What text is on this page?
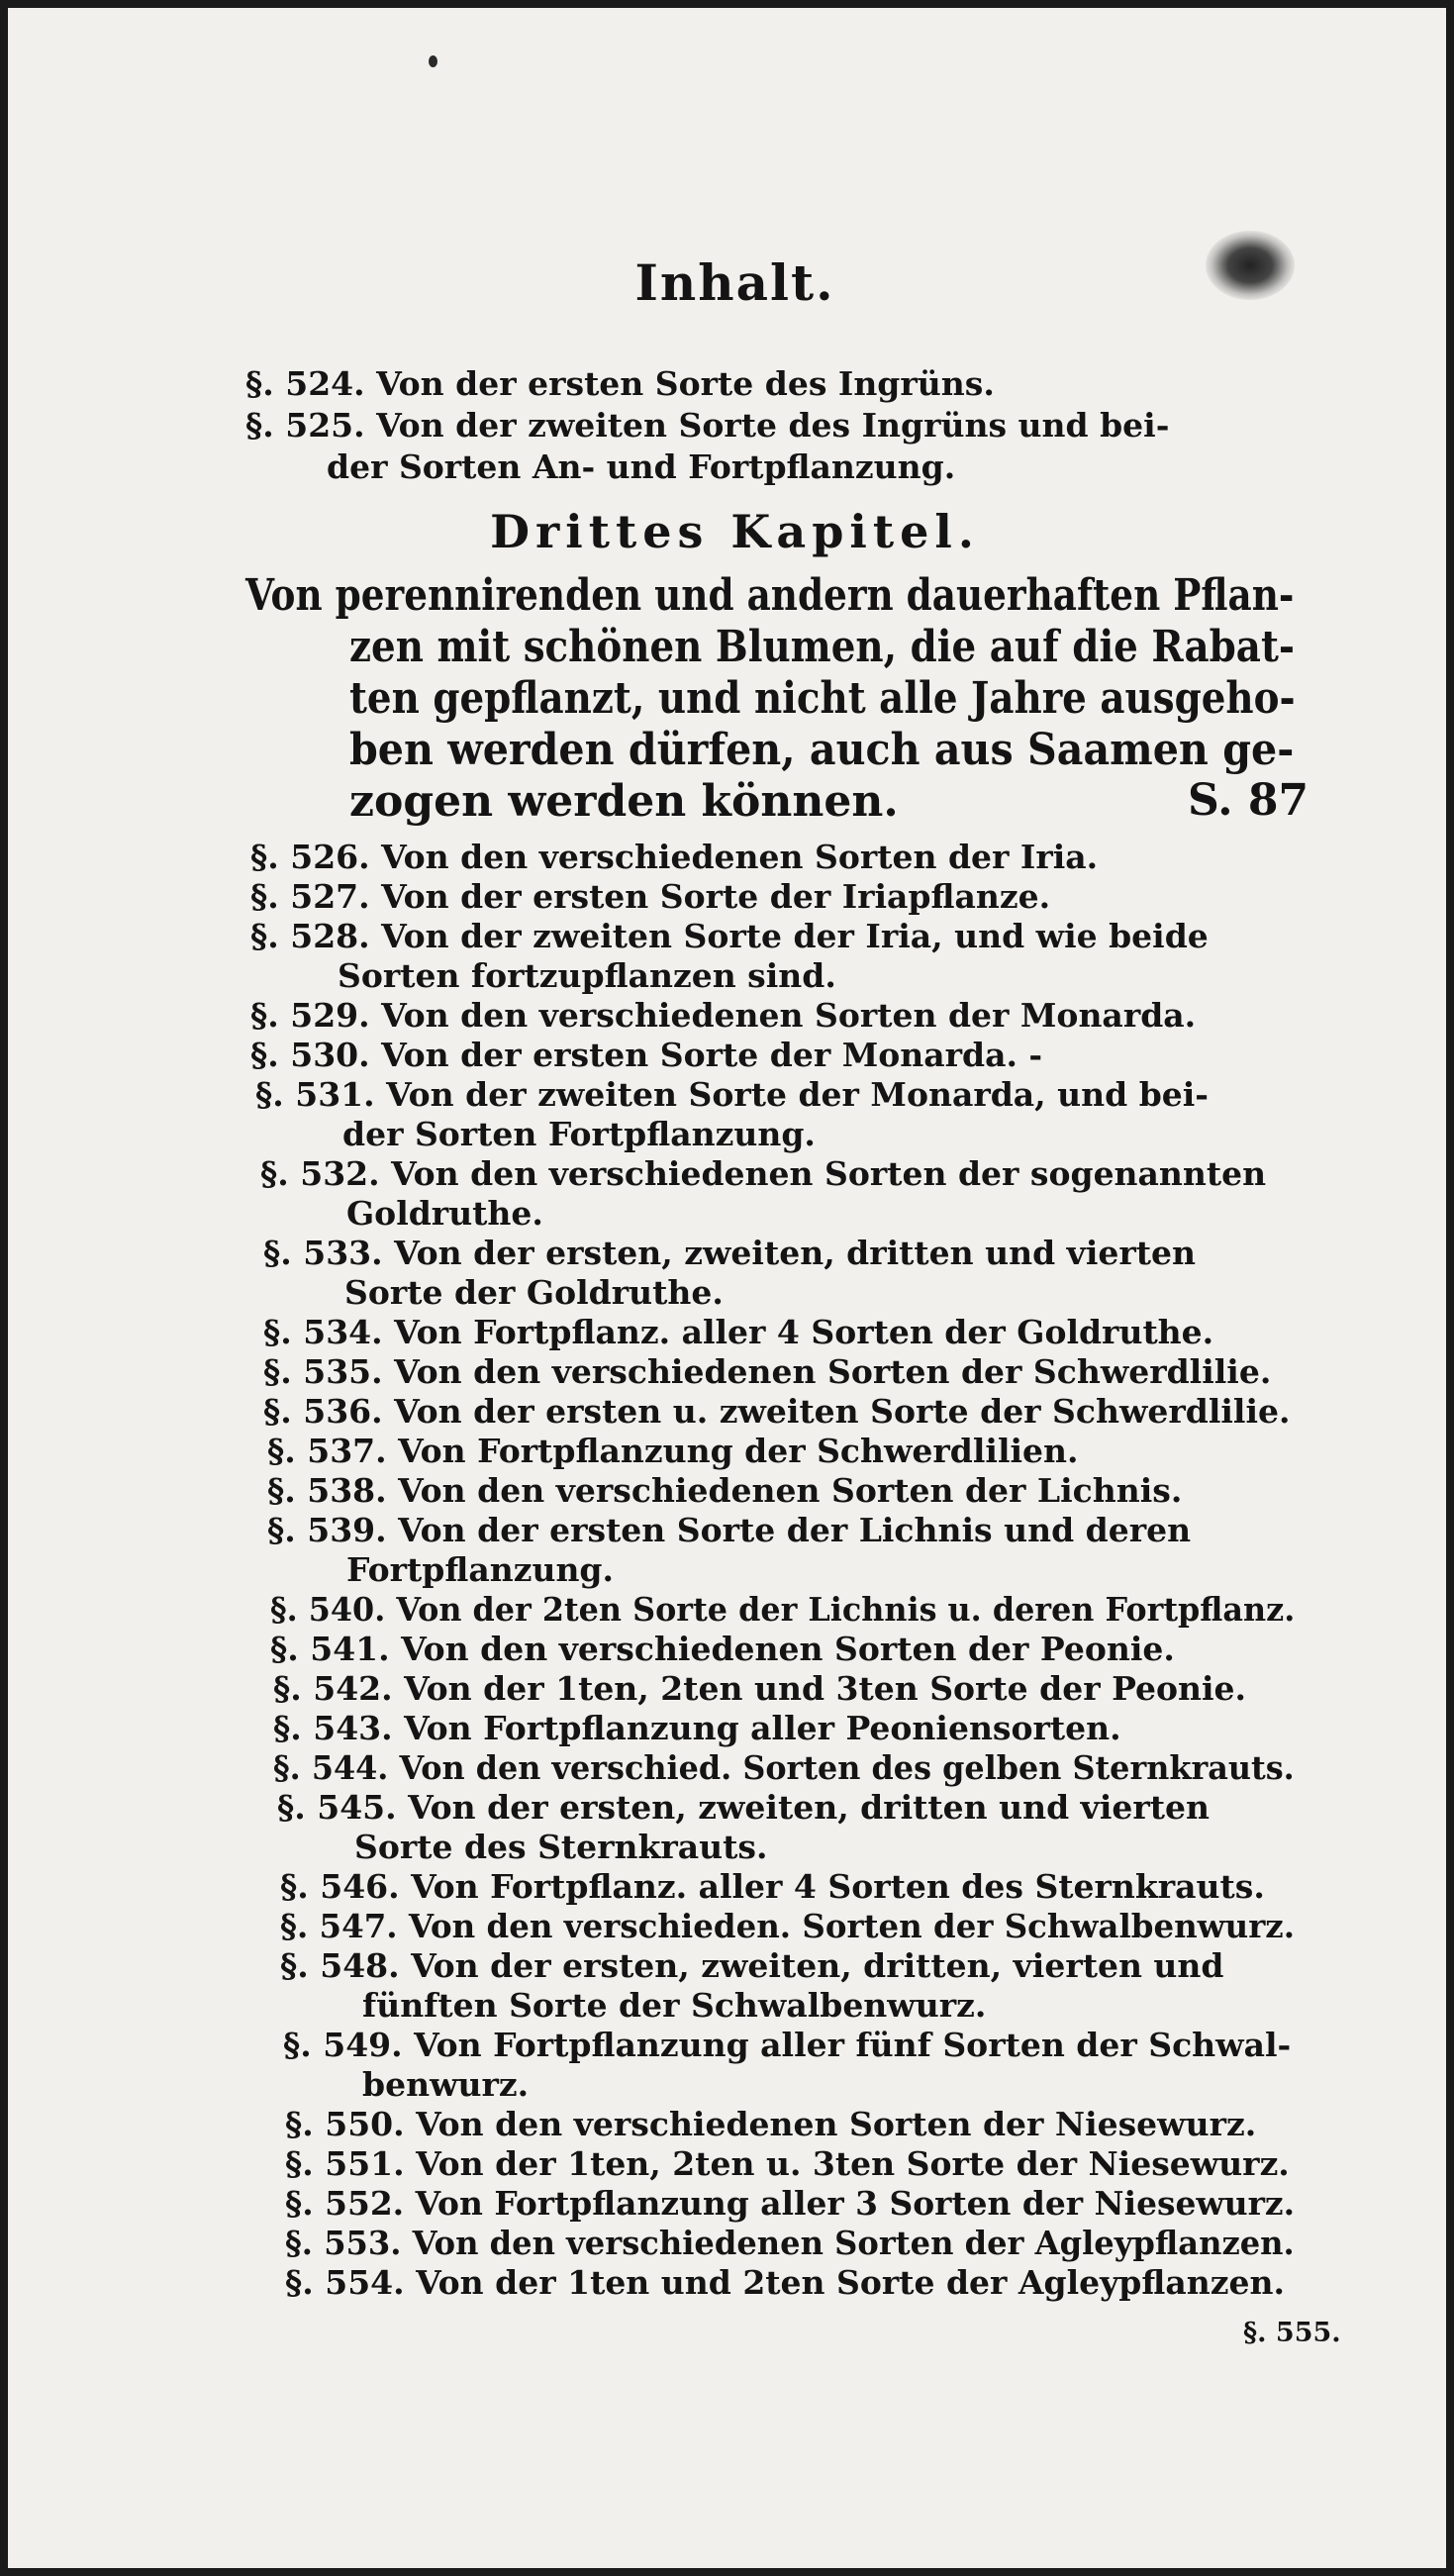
Inhalt.
§. 524. Von der ersten Sorte des Ingrüns.
§. 525. Von der zweiten Sorte des Ingrüns und bei-
der Sorten An- und Fortpflanzung.
Drittes Kapitel.
Von perennirenden und andern dauerhaften Pflan-
zen mit schönen Blumen, die auf die Rabat-
ten gepflanzt, und nicht alle Jahre ausgeho-
ben werden dürfen, auch aus Saamen ge-
zogen werden können.	S. 87
§. 526. Von den verschiedenen Sorten der Iria.
§. 527. Von der ersten Sorte der Iriapflanze.
§. 528. Von der zweiten Sorte der Iria, und wie beide
Sorten fortzupflanzen sind.
§. 529. Von den verschiedenen Sorten der Monarda.
§. 530. Von der ersten Sorte der Monarda. -
§. 531. Von der zweiten Sorte der Monarda, und bei-
der Sorten Fortpflanzung.
§. 532. Von den verschiedenen Sorten der sogenannten
Goldruthe.
§. 533. Von der ersten, zweiten, dritten und vierten
Sorte der Goldruthe.
§. 534. Von Fortpflanz. aller 4 Sorten der Goldruthe.
§. 535. Von den verschiedenen Sorten der Schwerdlilie.
§. 536. Von der ersten u. zweiten Sorte der Schwerdlilie.
§. 537. Von Fortpflanzung der Schwerdlilien.
§. 538. Von den verschiedenen Sorten der Lichnis.
§. 539. Von der ersten Sorte der Lichnis und deren
Fortpflanzung.
§. 540. Von der 2ten Sorte der Lichnis u. deren Fortpflanz.
§. 541. Von den verschiedenen Sorten der Peonie.
§. 542. Von der 1ten, 2ten und 3ten Sorte der Peonie.
§. 543. Von Fortpflanzung aller Peoniensorten.
§. 544. Von den verschied. Sorten des gelben Sternkrauts.
§. 545. Von der ersten, zweiten, dritten und vierten
Sorte des Sternkrauts.
§. 546. Von Fortpflanz. aller 4 Sorten des Sternkrauts.
§. 547. Von den verschieden. Sorten der Schwalbenwurz.
§. 548. Von der ersten, zweiten, dritten, vierten und
fünften Sorte der Schwalbenwurz.
§. 549. Von Fortpflanzung aller fünf Sorten der Schwal-
benwurz.
§. 550. Von den verschiedenen Sorten der Niesewurz.
§. 551. Von der 1ten, 2ten u. 3ten Sorte der Niesewurz.
§. 552. Von Fortpflanzung aller 3 Sorten der Niesewurz.
§. 553. Von den verschiedenen Sorten der Agleypflanzen.
§. 554. Von der 1ten und 2ten Sorte der Agleypflanzen.
§. 555.
